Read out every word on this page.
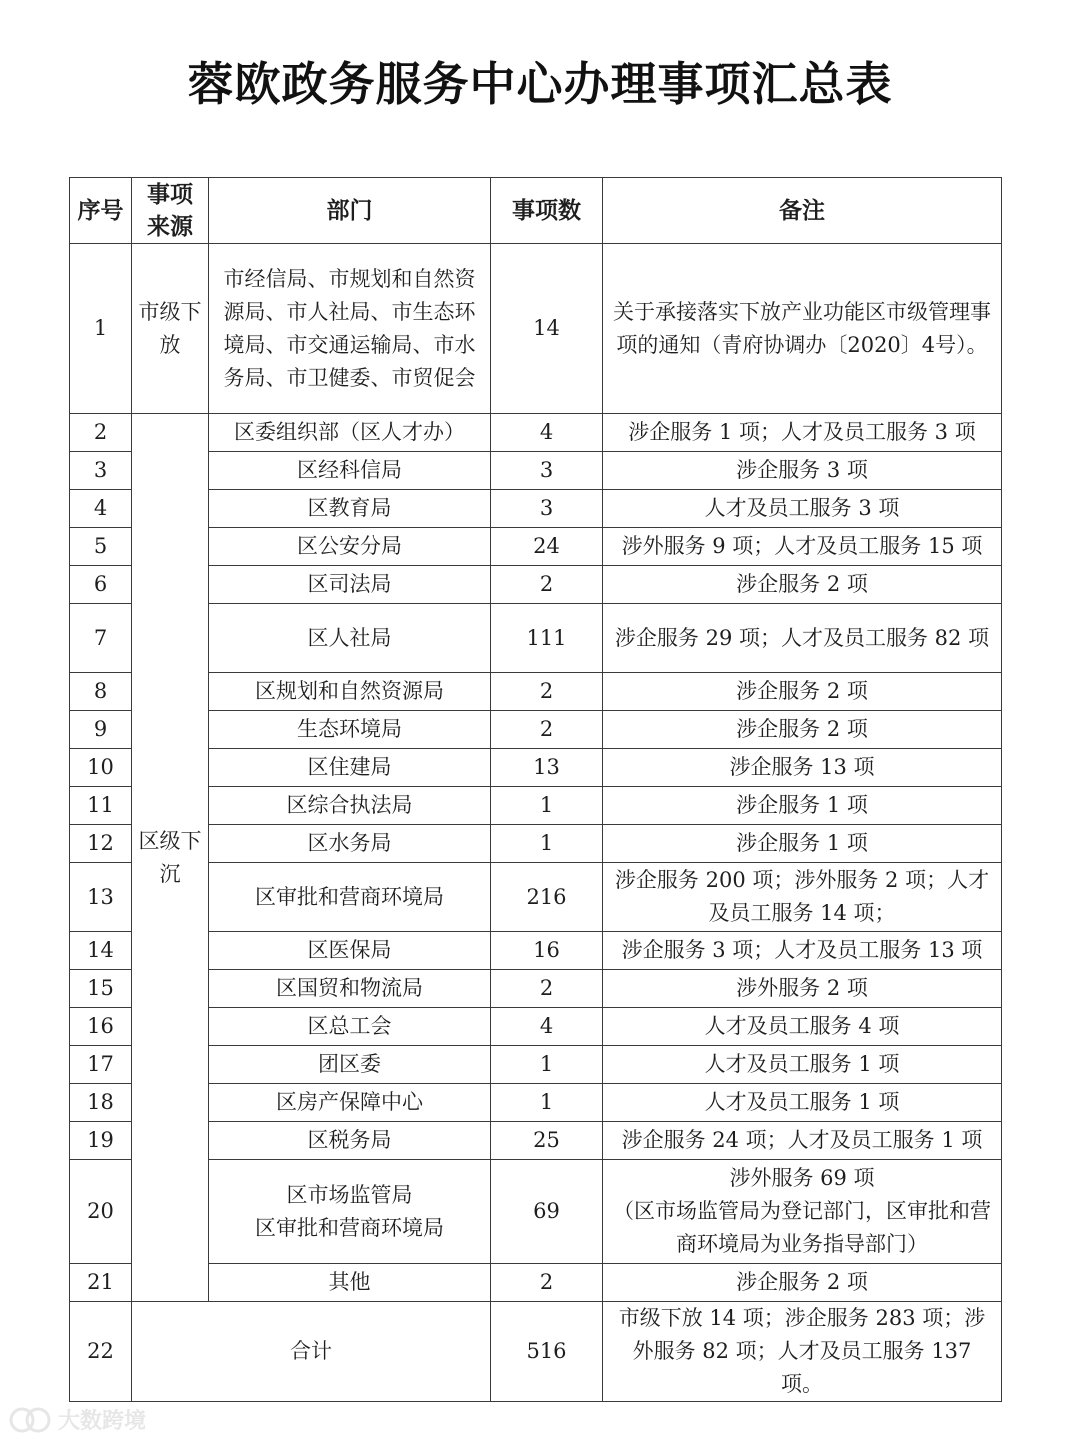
蓉欧政务服务中心办理事项汇总表
序号	事项来源	部门	事项数	备注
1	市级下放	市经信局、市规划和自然资源局、市人社局、市生态环境局、市交通运输局、市水务局、市卫健委、市贸促会	14	关于承接落实下放产业功能区市级管理事项的通知（青府协调办〔2020〕4号）。
2	区级下沉	区委组织部（区人才办）	4	涉企服务 1 项；人才及员工服务 3 项
3		区经科信局	3	涉企服务 3 项
4		区教育局	3	人才及员工服务 3 项
5		区公安分局	24	涉外服务 9 项；人才及员工服务 15 项
6		区司法局	2	涉企服务 2 项
7		区人社局	111	涉企服务 29 项；人才及员工服务 82 项
8		区规划和自然资源局	2	涉企服务 2 项
9		生态环境局	2	涉企服务 2 项
10		区住建局	13	涉企服务 13 项
11		区综合执法局	1	涉企服务 1 项
12		区水务局	1	涉企服务 1 项
13		区审批和营商环境局	216	涉企服务 200 项；涉外服务 2 项；人才及员工服务 14 项；
14		区医保局	16	涉企服务 3 项；人才及员工服务 13 项
15		区国贸和物流局	2	涉外服务 2 项
16		区总工会	4	人才及员工服务 4 项
17		团区委	1	人才及员工服务 1 项
18		区房产保障中心	1	人才及员工服务 1 项
19		区税务局	25	涉企服务 24 项；人才及员工服务 1 项
20		区市场监管局
区审批和营商环境局	69	涉外服务 69 项
（区市场监管局为登记部门，区审批和营商环境局为业务指导部门）
21		其他	2	涉企服务 2 项
22	合计		516	市级下放 14 项；涉企服务 283 项；涉外服务 82 项；人才及员工服务 137 项。
大数跨境
